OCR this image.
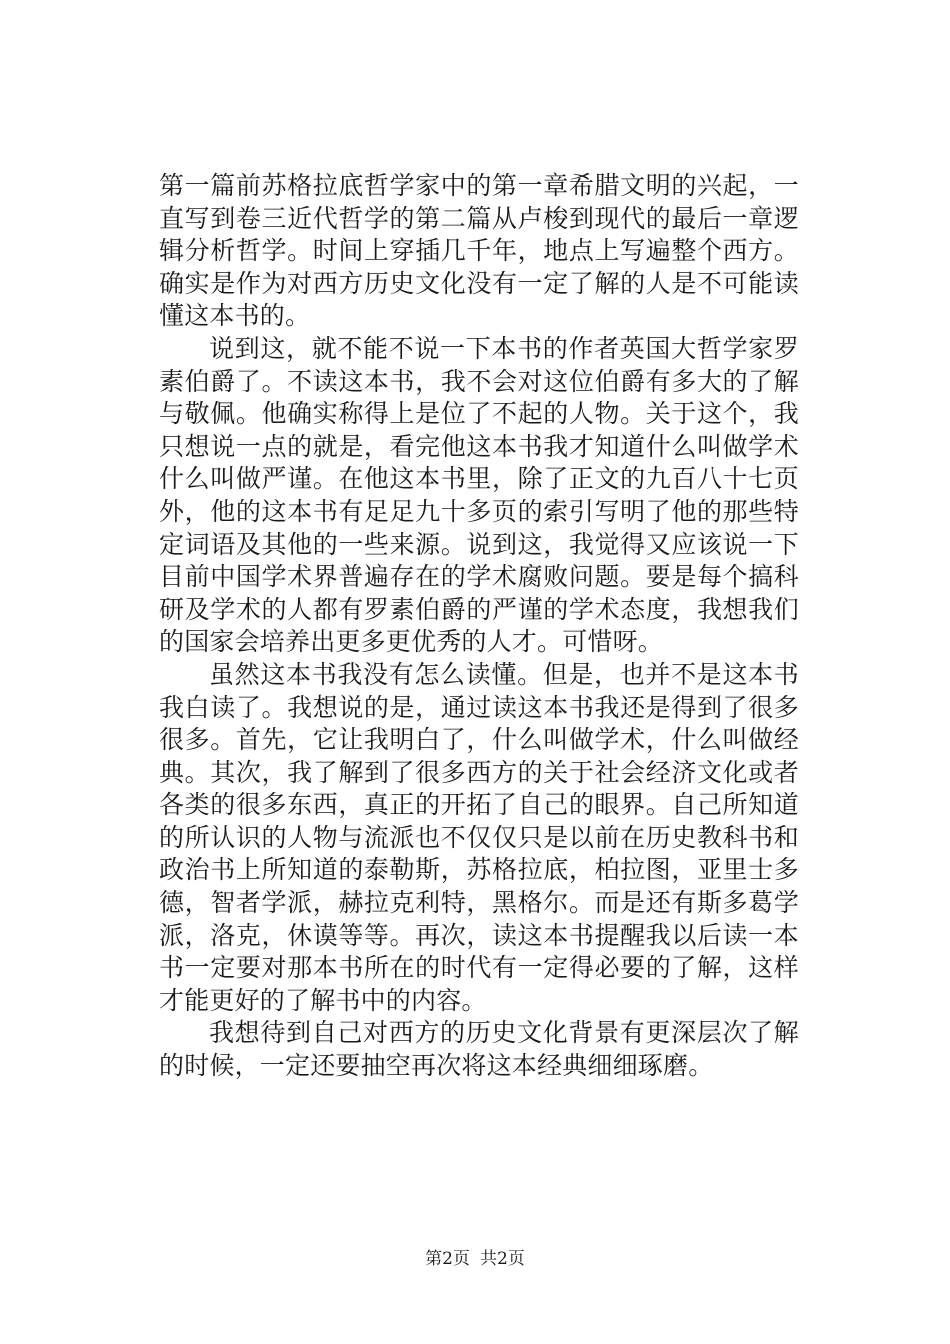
第一篇前苏格拉底哲学家中的第一章希腊文明的兴起，一直写到卷三近代哲学的第二篇从卢梭到现代的最后一章逻辑分析哲学。时间上穿插几千年，地点上写遍整个西方。确实是作为对西方历史文化没有一定了解的人是不可能读懂这本书的。

说到这，就不能不说一下本书的作者英国大哲学家罗素伯爵了。不读这本书，我不会对这位伯爵有多大的了解与敬佩。他确实称得上是位了不起的人物。关于这个，我只想说一点的就是，看完他这本书我才知道什么叫做学术什么叫做严谨。在他这本书里，除了正文的九百八十七页外，他的这本书有足足九十多页的索引写明了他的那些特定词语及其他的一些来源。说到这，我觉得又应该说一下目前中国学术界普遍存在的学术腐败问题。要是每个搞科研及学术的人都有罗素伯爵的严谨的学术态度，我想我们的国家会培养出更多更优秀的人才。可惜呀。

虽然这本书我没有怎么读懂。但是，也并不是这本书我白读了。我想说的是，通过读这本书我还是得到了很多很多。首先，它让我明白了，什么叫做学术，什么叫做经典。其次，我了解到了很多西方的关于社会经济文化或者各类的很多东西，真正的开拓了自己的眼界。自己所知道的所认识的人物与流派也不仅仅只是以前在历史教科书和政治书上所知道的泰勒斯，苏格拉底，柏拉图，亚里士多德，智者学派，赫拉克利特，黑格尔。而是还有斯多葛学派，洛克，休谟等等。再次，读这本书提醒我以后读一本书一定要对那本书所在的时代有一定得必要的了解，这样才能更好的了解书中的内容。

我想待到自己对西方的历史文化背景有更深层次了解的时候，一定还要抽空再次将这本经典细细琢磨。

第2页 共2页
